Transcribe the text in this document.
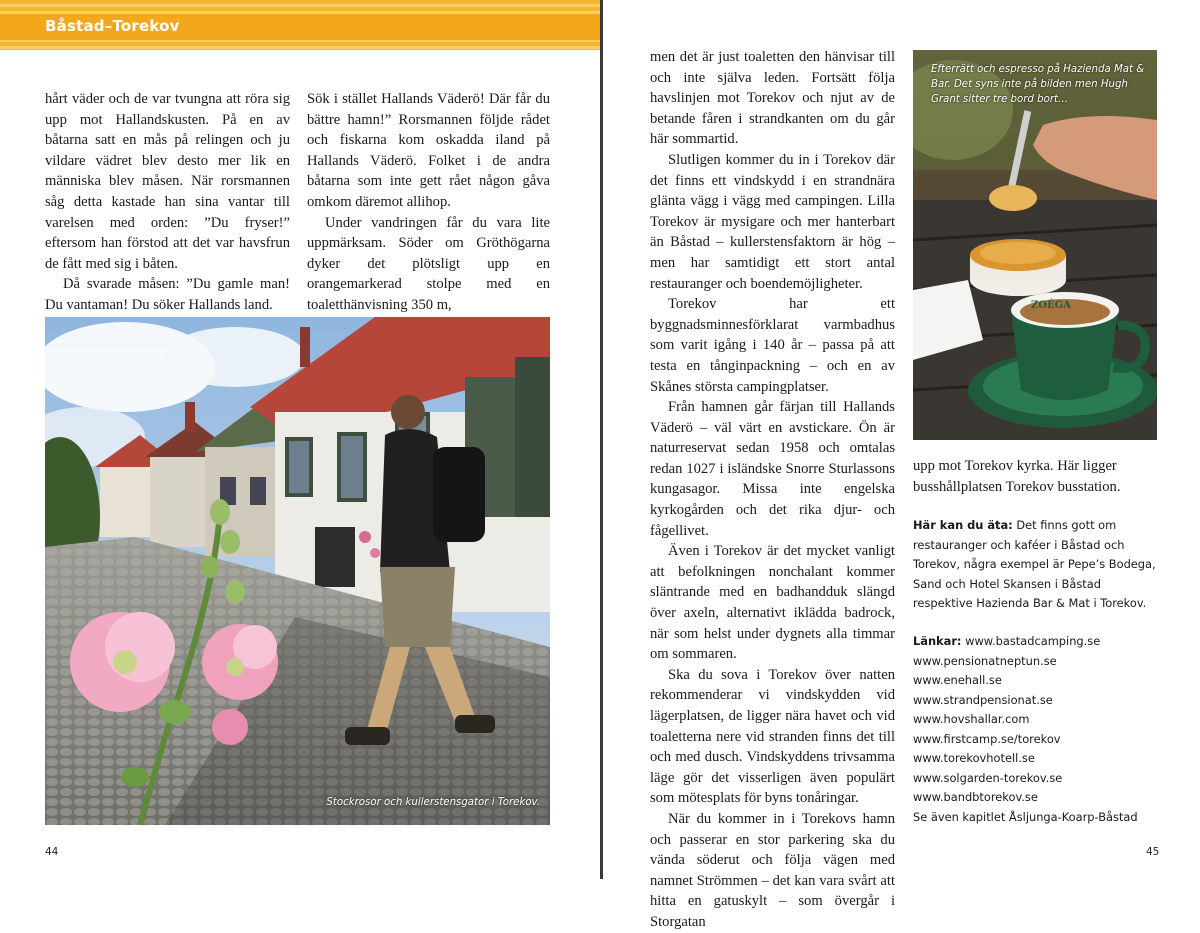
Båstad–Torekov

hårt väder och de var tvungna att röra sig upp mot Hallandskusten. På en av båtarna satt en mås på relingen och ju vildare vädret blev desto mer lik en människa blev måsen. När rorsmannen såg detta kastade han sina vantar till varelsen med orden: ”Du fryser!” eftersom han förstod att det var havsfrun de fått med sig i båten.

Då svarade måsen: ”Du gamle man! Du vantaman! Du söker Hallands land.

Sök i stället Hallands Väderö! Där får du bättre hamn!” Rorsmannen följde rådet och fiskarna kom oskadda iland på Hallands Väderö. Folket i de andra båtarna som inte gett rået någon gåva omkom däremot allihop.

Under vandringen får du vara lite uppmärksam. Söder om Gröthögarna dyker det plötsligt upp en orangemarkerad stolpe med en toaletthänvisning 350 m,

Stockrosor och kullerstensgator i Torekov.
44

men det är just toaletten den hänvisar till och inte själva leden. Fortsätt följa havslinjen mot Torekov och njut av de betande fåren i strandkanten om du går här sommartid.

Slutligen kommer du in i Torekov där det finns ett vindskydd i en strandnära glänta vägg i vägg med campingen. Lilla Torekov är mysigare och mer hanterbart än Båstad – kullerstensfaktorn är hög – men har samtidigt ett stort antal restauranger och boendemöjligheter.

Torekov har ett byggnadsminnesförklarat varmbadhus som varit igång i 140 år – passa på att testa en tånginpackning – och en av Skånes största campingplatser.

Från hamnen går färjan till Hallands Väderö – väl värt en avstickare. Ön är naturreservat sedan 1958 och omtalas redan 1027 i isländske Snorre Sturlassons kungasagor. Missa inte engelska kyrkogården och det rika djur- och fågellivet.

Även i Torekov är det mycket vanligt att befolkningen nonchalant kommer släntrande med en badhandduk slängd över axeln, alternativt iklädda badrock, när som helst under dygnets alla timmar om sommaren.

Ska du sova i Torekov över natten rekommenderar vi vindskydden vid lägerplatsen, de ligger nära havet och vid toaletterna nere vid stranden finns det till och med dusch. Vindskyddens trivsamma läge gör det visserligen även populärt som mötesplats för byns tonåringar.

När du kommer in i Torekovs hamn och passerar en stor parkering ska du vända söderut och följa vägen med namnet Strömmen – det kan vara svårt att hitta en gatuskylt – som övergår i Storgatan

ZOÉGA
Efterrätt och espresso på Hazienda Mat & Bar. Det syns inte på bilden men Hugh Grant sitter tre bord bort…

upp mot Torekov kyrka. Här ligger busshållplatsen Torekov busstation.

Här kan du äta: Det finns gott om restauranger och kaféer i Båstad och Torekov, några exempel är Pepe’s Bodega, Sand och Hotel Skansen i Båstad respektive Hazienda Bar & Mat i Torekov.
Länkar: www.bastadcamping.se
www.pensionatneptun.se
www.enehall.se
www.strandpensionat.se
www.hovshallar.com
www.firstcamp.se/torekov
www.torekovhotell.se
www.solgarden-torekov.se
www.bandbtorekov.se
Se även kapitlet Åsljunga-Koarp-Båstad
45
